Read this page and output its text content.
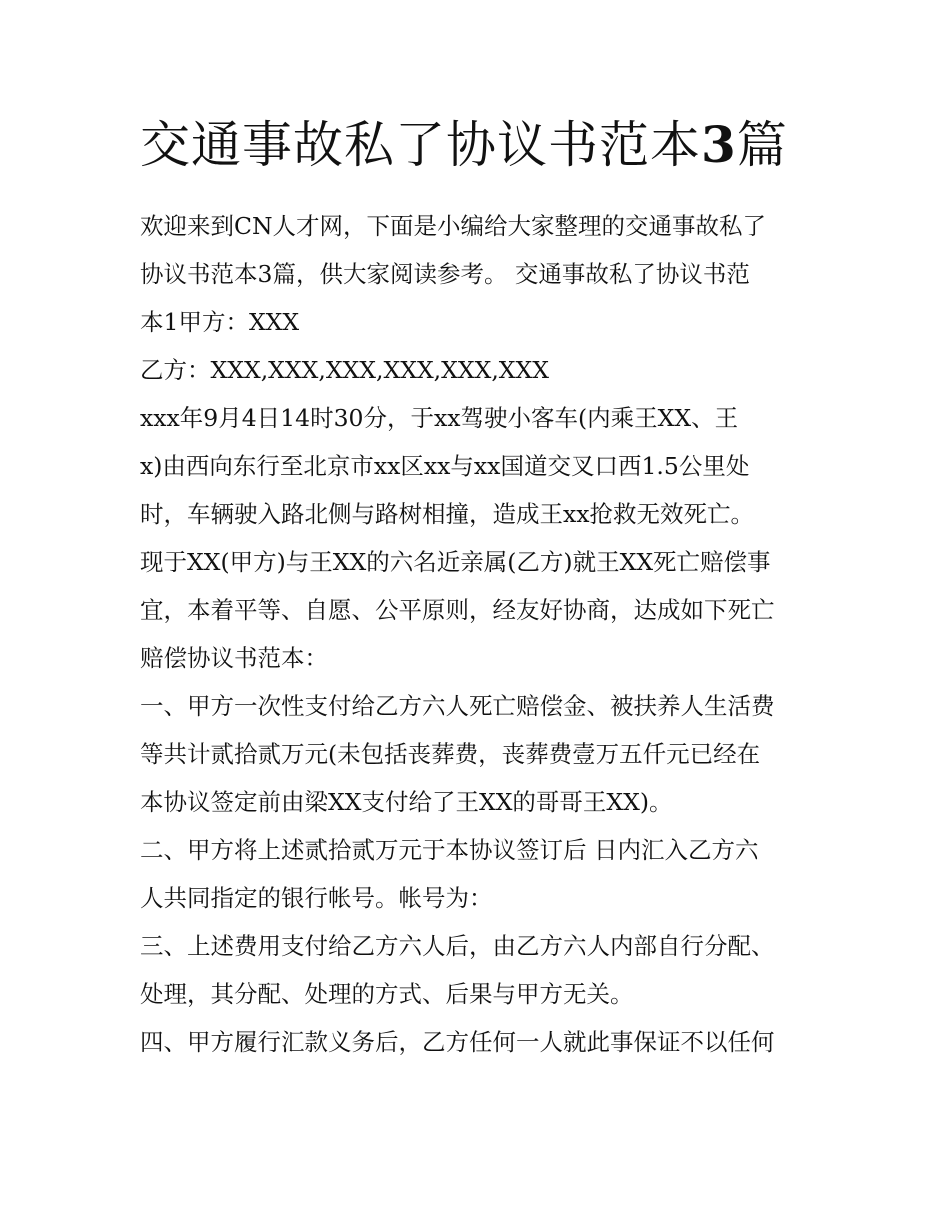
交通事故私了协议书范本3篇
欢迎来到CN人才网，下面是小编给大家整理的交通事故私了
协议书范本3篇，供大家阅读参考。 交通事故私了协议书范
本1甲方：XXX
乙方：XXX,XXX,XXX,XXX,XXX,XXX
xxx年9月4日14时30分，于xx驾驶小客车(内乘王XX、王
x)由西向东行至北京市xx区xx与xx国道交叉口西1.5公里处
时，车辆驶入路北侧与路树相撞，造成王xx抢救无效死亡。
现于XX(甲方)与王XX的六名近亲属(乙方)就王XX死亡赔偿事
宜，本着平等、自愿、公平原则，经友好协商，达成如下死亡
赔偿协议书范本：
一、甲方一次性支付给乙方六人死亡赔偿金、被扶养人生活费
等共计贰拾贰万元(未包括丧葬费，丧葬费壹万五仟元已经在
本协议签定前由梁XX支付给了王XX的哥哥王XX)。
二、甲方将上述贰拾贰万元于本协议签订后 日内汇入乙方六
人共同指定的银行帐号。帐号为：
三、上述费用支付给乙方六人后，由乙方六人内部自行分配、
处理，其分配、处理的方式、后果与甲方无关。
四、甲方履行汇款义务后，乙方任何一人就此事保证不以任何
